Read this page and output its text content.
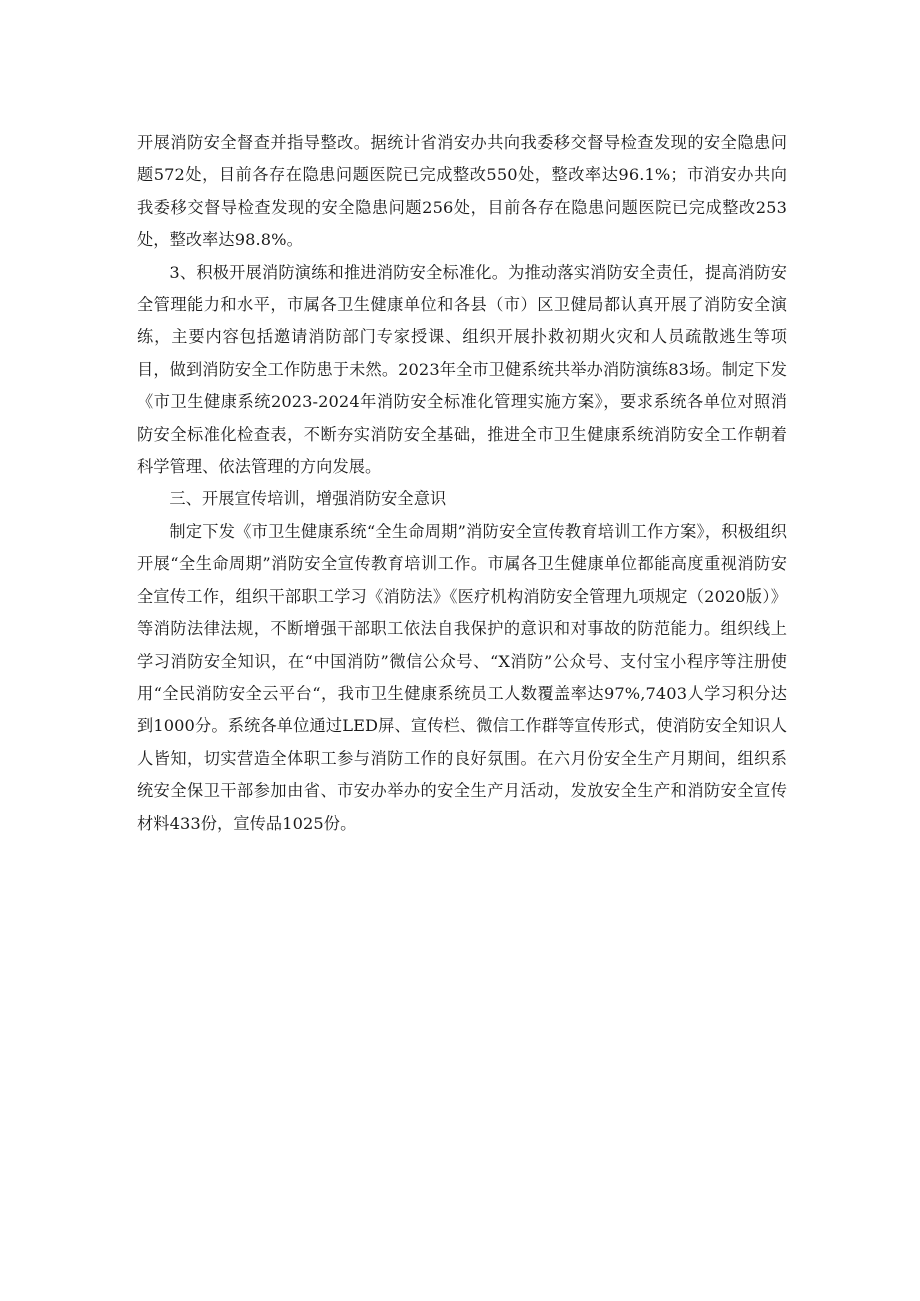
开展消防安全督查并指导整改。据统计省消安办共向我委移交督导检查发现的安全隐患问题572处，目前各存在隐患问题医院已完成整改550处，整改率达96.1%；市消安办共向我委移交督导检查发现的安全隐患问题256处，目前各存在隐患问题医院已完成整改253处，整改率达98.8%。

3、积极开展消防演练和推进消防安全标准化。为推动落实消防安全责任，提高消防安全管理能力和水平，市属各卫生健康单位和各县（市）区卫健局都认真开展了消防安全演练，主要内容包括邀请消防部门专家授课、组织开展扑救初期火灾和人员疏散逃生等项目，做到消防安全工作防患于未然。2023年全市卫健系统共举办消防演练83场。制定下发《市卫生健康系统2023-2024年消防安全标准化管理实施方案》，要求系统各单位对照消防安全标准化检查表，不断夯实消防安全基础，推进全市卫生健康系统消防安全工作朝着科学管理、依法管理的方向发展。

三、开展宣传培训，增强消防安全意识

制定下发《市卫生健康系统“全生命周期”消防安全宣传教育培训工作方案》，积极组织开展“全生命周期”消防安全宣传教育培训工作。市属各卫生健康单位都能高度重视消防安全宣传工作，组织干部职工学习《消防法》《医疗机构消防安全管理九项规定（2020版）》等消防法律法规，不断增强干部职工依法自我保护的意识和对事故的防范能力。组织线上学习消防安全知识，在“中国消防”微信公众号、“X消防”公众号、支付宝小程序等注册使用“全民消防安全云平台“，我市卫生健康系统员工人数覆盖率达97%,7403人学习积分达到1000分。系统各单位通过LED屏、宣传栏、微信工作群等宣传形式，使消防安全知识人人皆知，切实营造全体职工参与消防工作的良好氛围。在六月份安全生产月期间，组织系统安全保卫干部参加由省、市安办举办的安全生产月活动，发放安全生产和消防安全宣传材料433份，宣传品1025份。
